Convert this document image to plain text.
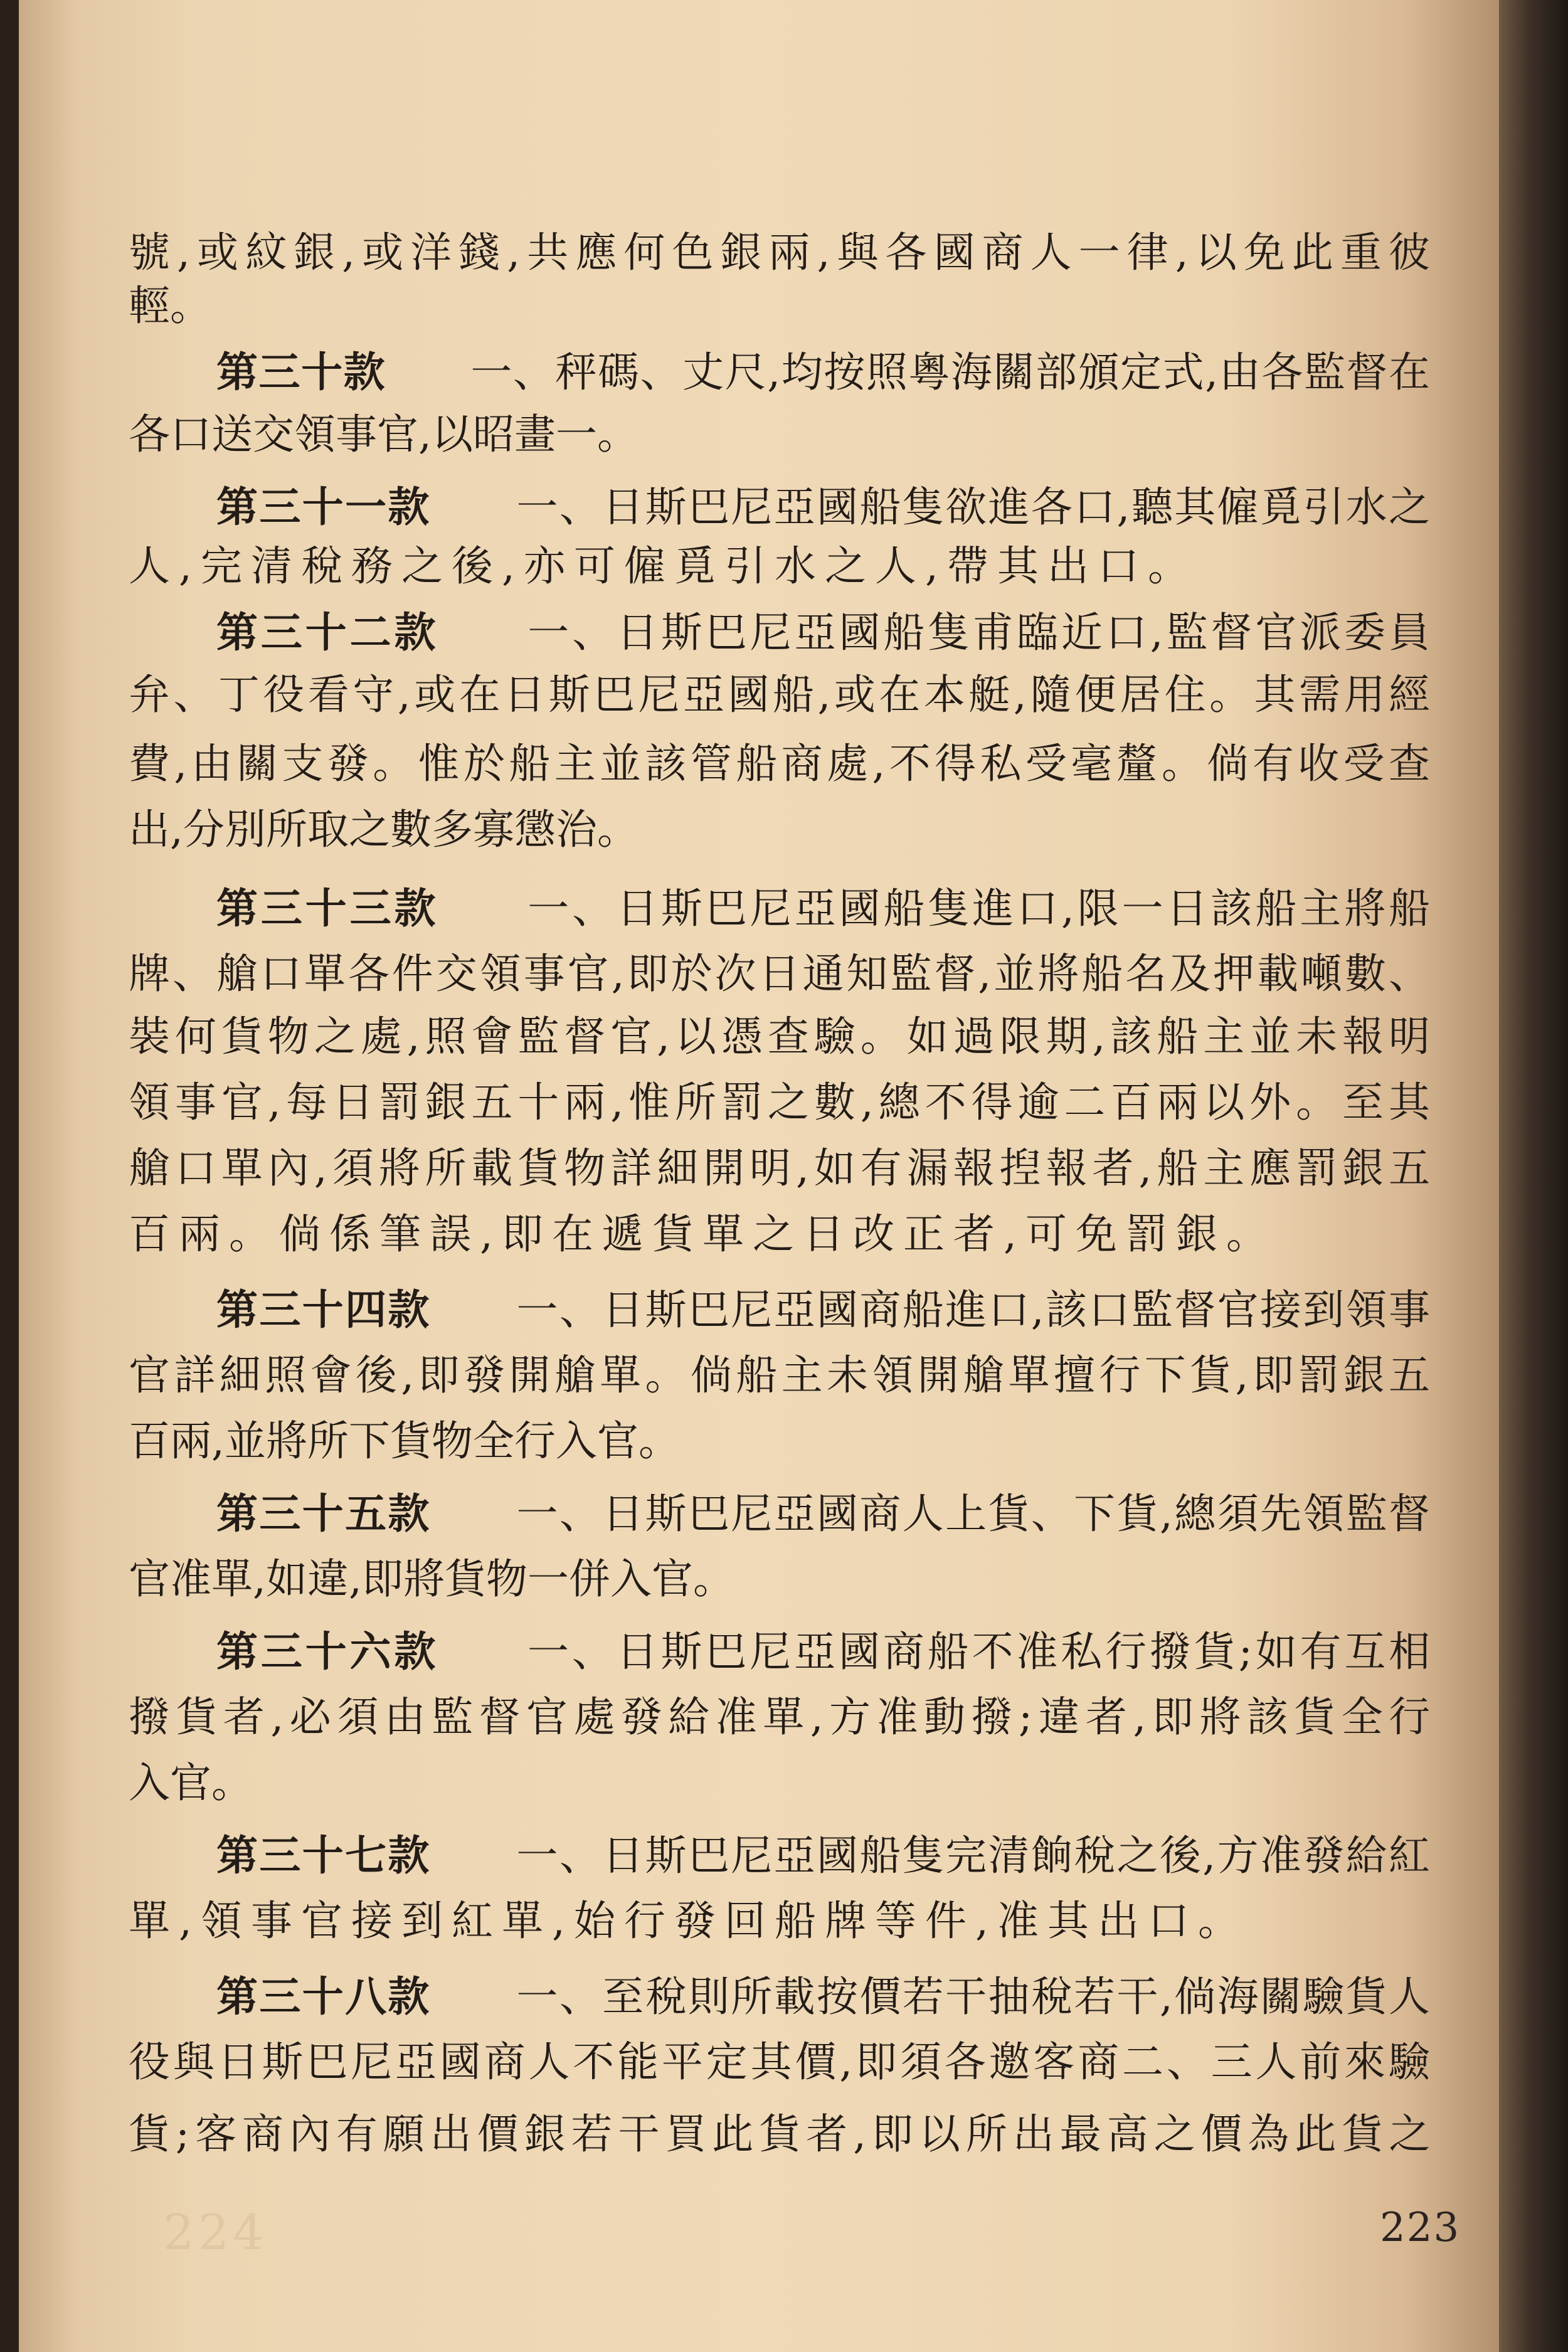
224
號,或紋銀,或洋錢,共應何色銀兩,與各國商人一律,以免此重彼
輕。
第三十款　　 一、秤碼、丈尺,均按照粵海關部頒定式,由各監督在
各口送交領事官,以昭畫一。
第三十一款　　 一、日斯巴尼亞國船隻欲進各口,聽其僱覓引水之
人,完清稅務之後,亦可僱覓引水之人,帶其出口。
第三十二款　　 一、日斯巴尼亞國船隻甫臨近口,監督官派委員
弁、丁役看守,或在日斯巴尼亞國船,或在本艇,隨便居住。其需用經
費,由關支發。惟於船主並該管船商處,不得私受毫釐。倘有收受查
出,分別所取之數多寡懲治。
第三十三款　　 一、日斯巴尼亞國船隻進口,限一日該船主將船
牌、艙口單各件交領事官,即於次日通知監督,並將船名及押載噸數、
裝何貨物之處,照會監督官,以憑查驗。如過限期,該船主並未報明
領事官,每日罰銀五十兩,惟所罰之數,總不得逾二百兩以外。至其
艙口單內,須將所載貨物詳細開明,如有漏報揑報者,船主應罰銀五
百兩。倘係筆誤,即在遞貨單之日改正者,可免罰銀。
第三十四款　　 一、日斯巴尼亞國商船進口,該口監督官接到領事
官詳細照會後,即發開艙單。倘船主未領開艙單擅行下貨,即罰銀五
百兩,並將所下貨物全行入官。
第三十五款　　 一、日斯巴尼亞國商人上貨、下貨,總須先領監督
官准單,如違,即將貨物一併入官。
第三十六款　　 一、日斯巴尼亞國商船不准私行撥貨;如有互相
撥貨者,必須由監督官處發給准單,方准動撥;違者,即將該貨全行
入官。
第三十七款　　 一、日斯巴尼亞國船隻完清餉稅之後,方准發給紅
單,領事官接到紅單,始行發回船牌等件,准其出口。
第三十八款　　 一、至稅則所載按價若干抽稅若干,倘海關驗貨人
役與日斯巴尼亞國商人不能平定其價,即須各邀客商二、三人前來驗
貨;客商內有願出價銀若干買此貨者,即以所出最高之價為此貨之
223
